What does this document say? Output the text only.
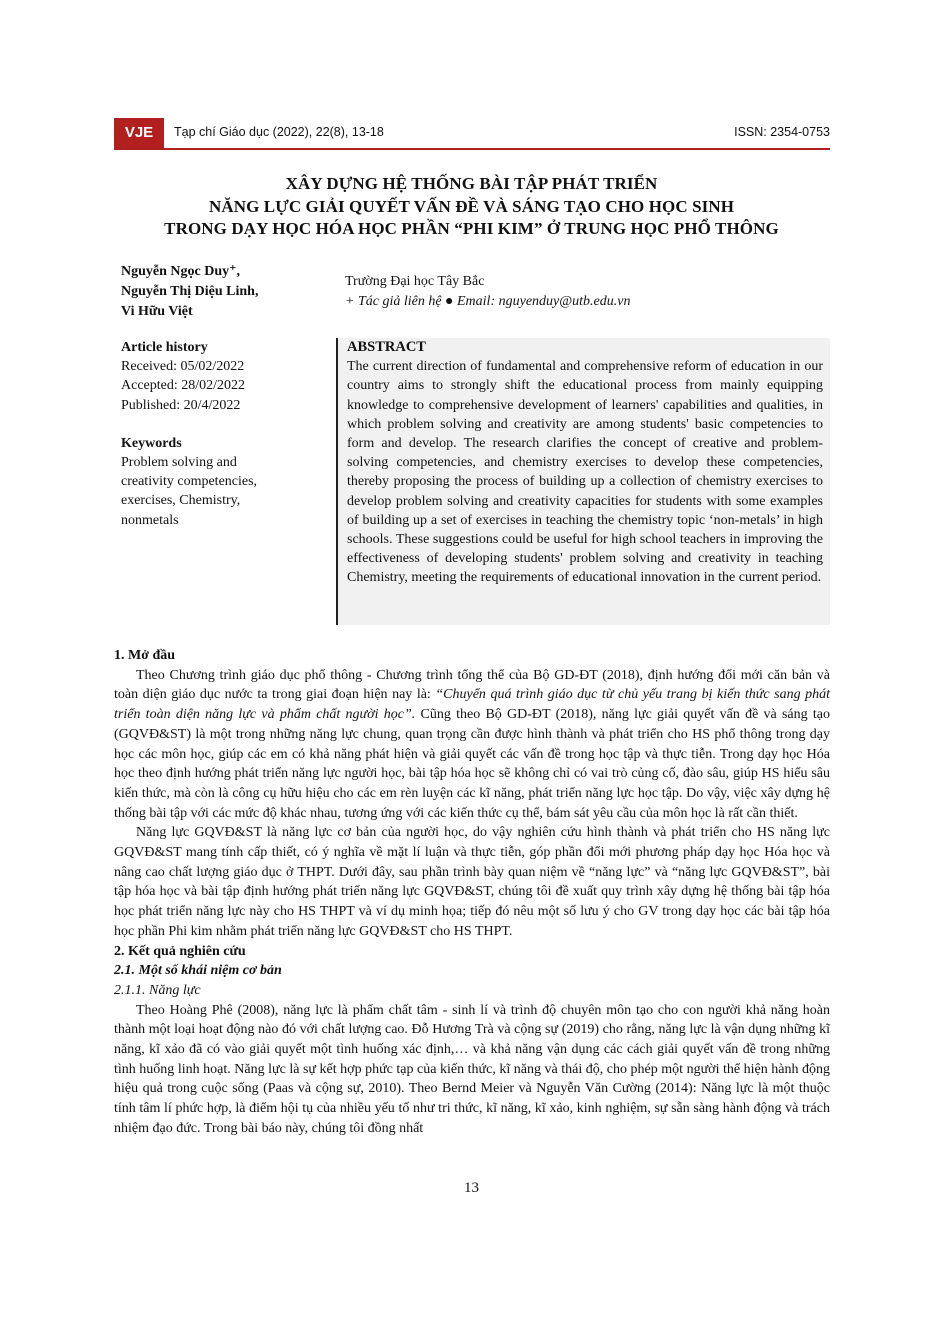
VJE	Tạp chí Giáo dục (2022), 22(8), 13-18	ISSN: 2354-0753
XÂY DỰNG HỆ THỐNG BÀI TẬP PHÁT TRIỂN
NĂNG LỰC GIẢI QUYẾT VẤN ĐỀ VÀ SÁNG TẠO CHO HỌC SINH
TRONG DẠY HỌC HÓA HỌC PHẦN “PHI KIM” Ở TRUNG HỌC PHỔ THÔNG
Nguyễn Ngọc Duy⁺,
Nguyễn Thị Diệu Linh,
Vi Hữu Việt
Trường Đại học Tây Bắc
+ Tác giả liên hệ ● Email: nguyenduy@utb.edu.vn
Article history
Received: 05/02/2022
Accepted: 28/02/2022
Published: 20/4/2022
Keywords
Problem solving and
creativity competencies,
exercises, Chemistry,
nonmetals
ABSTRACT

The current direction of fundamental and comprehensive reform of education in our country aims to strongly shift the educational process from mainly equipping knowledge to comprehensive development of learners' capabilities and qualities, in which problem solving and creativity are among students' basic competencies to form and develop. The research clarifies the concept of creative and problem-solving competencies, and chemistry exercises to develop these competencies, thereby proposing the process of building up a collection of chemistry exercises to develop problem solving and creativity capacities for students with some examples of building up a set of exercises in teaching the chemistry topic ‘non-metals’ in high schools. These suggestions could be useful for high school teachers in improving the effectiveness of developing students' problem solving and creativity in teaching Chemistry, meeting the requirements of educational innovation in the current period.

1. Mở đầu

Theo Chương trình giáo dục phổ thông - Chương trình tổng thể của Bộ GD-ĐT (2018), định hướng đổi mới căn bản và toàn diện giáo dục nước ta trong giai đoạn hiện nay là: “Chuyển quá trình giáo dục từ chủ yếu trang bị kiến thức sang phát triển toàn diện năng lực và phẩm chất người học”. Cũng theo Bộ GD-ĐT (2018), năng lực giải quyết vấn đề và sáng tạo (GQVĐ&ST) là một trong những năng lực chung, quan trọng cần được hình thành và phát triển cho HS phổ thông trong dạy học các môn học, giúp các em có khả năng phát hiện và giải quyết các vấn đề trong học tập và thực tiễn. Trong dạy học Hóa học theo định hướng phát triển năng lực người học, bài tập hóa học sẽ không chỉ có vai trò củng cố, đào sâu, giúp HS hiểu sâu kiến thức, mà còn là công cụ hữu hiệu cho các em rèn luyện các kĩ năng, phát triển năng lực học tập. Do vậy, việc xây dựng hệ thống bài tập với các mức độ khác nhau, tương ứng với các kiến thức cụ thể, bám sát yêu cầu của môn học là rất cần thiết.

Năng lực GQVĐ&ST là năng lực cơ bản của người học, do vậy nghiên cứu hình thành và phát triển cho HS năng lực GQVĐ&ST mang tính cấp thiết, có ý nghĩa về mặt lí luận và thực tiễn, góp phần đổi mới phương pháp dạy học Hóa học và nâng cao chất lượng giáo dục ở THPT. Dưới đây, sau phần trình bày quan niệm về “năng lực” và “năng lực GQVĐ&ST”, bài tập hóa học và bài tập định hướng phát triển năng lực GQVĐ&ST, chúng tôi đề xuất quy trình xây dựng hệ thống bài tập hóa học phát triển năng lực này cho HS THPT và ví dụ minh họa; tiếp đó nêu một số lưu ý cho GV trong dạy học các bài tập hóa học phần Phi kim nhằm phát triển năng lực GQVĐ&ST cho HS THPT.

2. Kết quả nghiên cứu
2.1. Một số khái niệm cơ bản
2.1.1. Năng lực

Theo Hoàng Phê (2008), năng lực là phẩm chất tâm - sinh lí và trình độ chuyên môn tạo cho con người khả năng hoàn thành một loại hoạt động nào đó với chất lượng cao. Đỗ Hương Trà và cộng sự (2019) cho rằng, năng lực là vận dụng những kĩ năng, kĩ xảo đã có vào giải quyết một tình huống xác định,… và khả năng vận dụng các cách giải quyết vấn đề trong những tình huống linh hoạt. Năng lực là sự kết hợp phức tạp của kiến thức, kĩ năng và thái độ, cho phép một người thể hiện hành động hiệu quả trong cuộc sống (Paas và cộng sự, 2010). Theo Bernd Meier và Nguyễn Văn Cường (2014): Năng lực là một thuộc tính tâm lí phức hợp, là điểm hội tụ của nhiều yếu tố như tri thức, kĩ năng, kĩ xảo, kinh nghiệm, sự sẵn sàng hành động và trách nhiệm đạo đức. Trong bài báo này, chúng tôi đồng nhất

13
